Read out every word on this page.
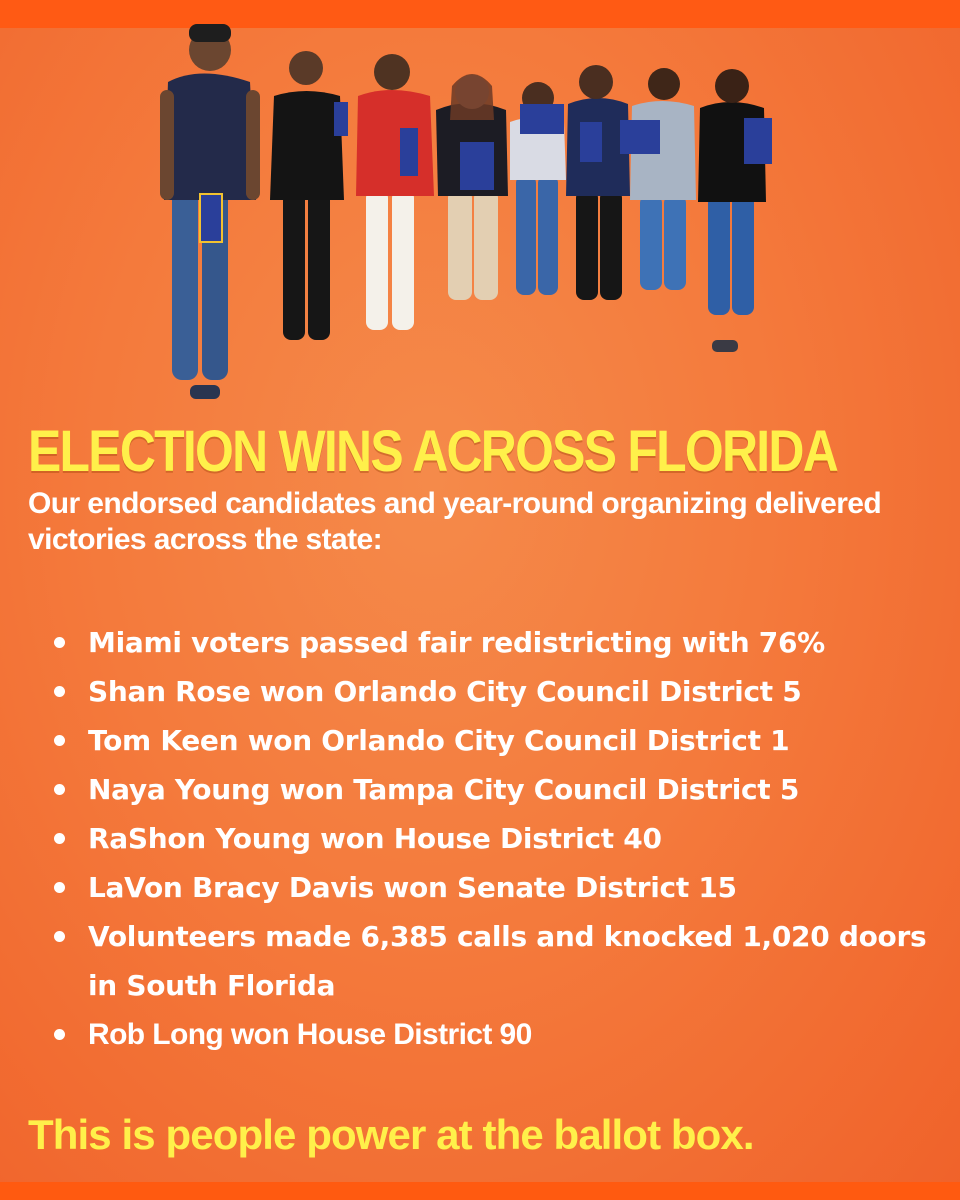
ELECTION WINS ACROSS FLORIDA

Our endorsed candidates and year-round organizing delivered victories across the state:

Miami voters passed fair redistricting with 76%
Shan Rose won Orlando City Council District 5
Tom Keen won Orlando City Council District 1
Naya Young won Tampa City Council District 5
RaShon Young won House District 40
LaVon Bracy Davis won Senate District 15
Volunteers made 6,385 calls and knocked 1,020 doors in South Florida
Rob Long won House District 90

This is people power at the ballot box.
